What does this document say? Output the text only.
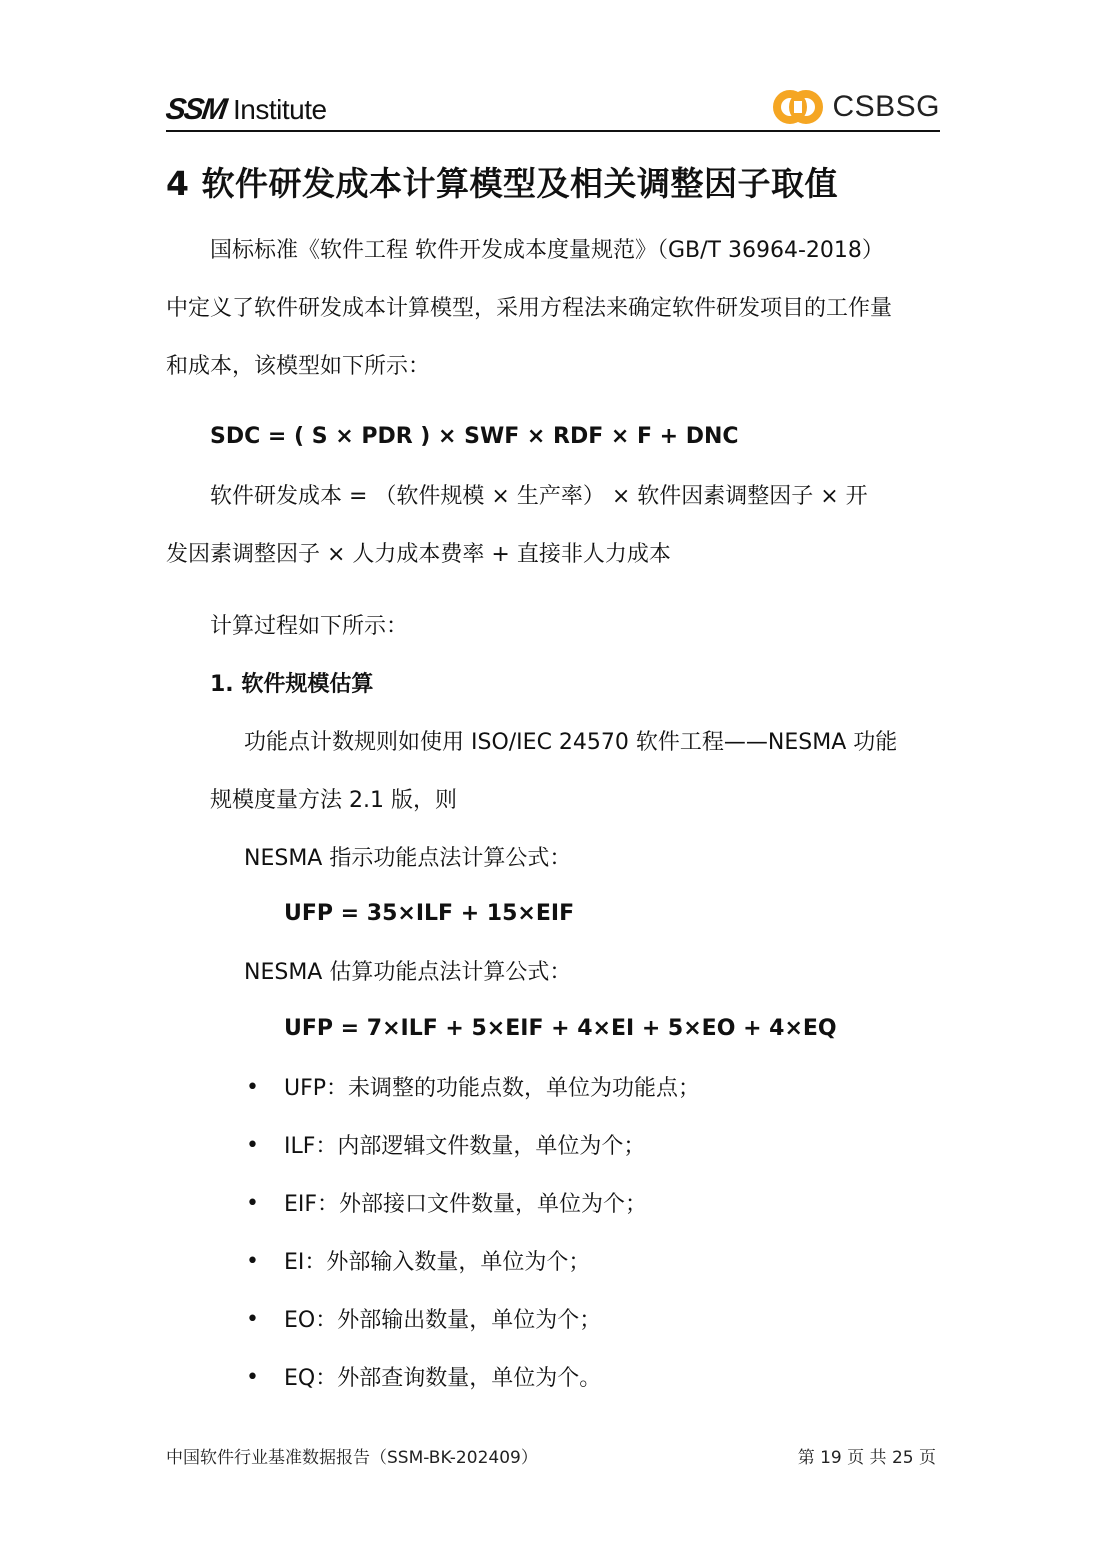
SSM Institute	CSBSG
4 软件研发成本计算模型及相关调整因子取值
国标标准《软件工程 软件开发成本度量规范》（GB/T 36964-2018）
中定义了软件研发成本计算模型，采用方程法来确定软件研发项目的工作量
和成本，该模型如下所示：
SDC = ( S × PDR ) × SWF × RDF × F + DNC
软件研发成本 = （软件规模 × 生产率） × 软件因素调整因子 × 开
发因素调整因子 × 人力成本费率 + 直接非人力成本
计算过程如下所示：
1. 软件规模估算
功能点计数规则如使用 ISO/IEC 24570 软件工程——NESMA 功能
规模度量方法 2.1 版，则
NESMA 指示功能点法计算公式：
UFP = 35×ILF + 15×EIF
NESMA 估算功能点法计算公式：
UFP = 7×ILF + 5×EIF + 4×EI + 5×EO + 4×EQ
• UFP：未调整的功能点数，单位为功能点；
• ILF：内部逻辑文件数量，单位为个；
• EIF：外部接口文件数量，单位为个；
• EI：外部输入数量，单位为个；
• EO：外部输出数量，单位为个；
• EQ：外部查询数量，单位为个。
中国软件行业基准数据报告（SSM-BK-202409）	第 19 页 共 25 页
